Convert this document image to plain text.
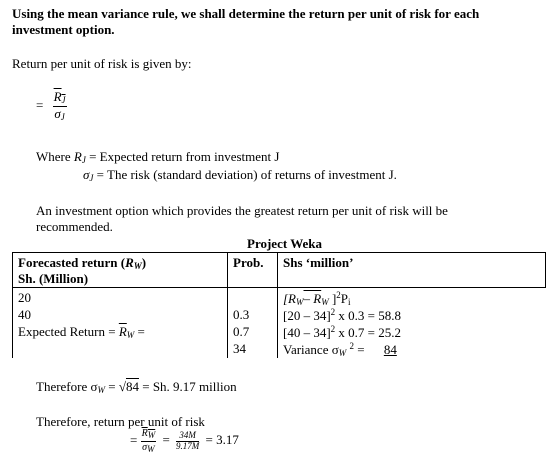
Using the mean variance rule, we shall determine the return per unit of risk for each
investment option.
Return per unit of risk is given by:
= $\frac{R_J}{\sigma_J}$
Where $R_J$ = Expected return from investment J
$\sigma_J$ = The risk (standard deviation) of returns of investment J.
An investment option which provides the greatest return per unit of risk will be
recommended.
Project Weka
Forecasted return $(R_W)$
Sh. (Million)
Prob. Shs ‘million’
20
40
Expected Return = $\overline{R}_W$ =
0.3
0.7
34
[$R_W-$ $R_W$ ]$^2P_i$
[20 – 34]$^2$ x 0.3 = 58.8
[40 – 34]$^2$ x 0.7 = 25.2
Variance $\sigma_W$ $^2$ = 84
Therefore $\sigma_W = √84 = Sh$. 9.17 million
Therefore, return per unit of risk
= $\frac{R_W}{\sigma_W} = \frac{34M}{9.17M} = 3.17$
